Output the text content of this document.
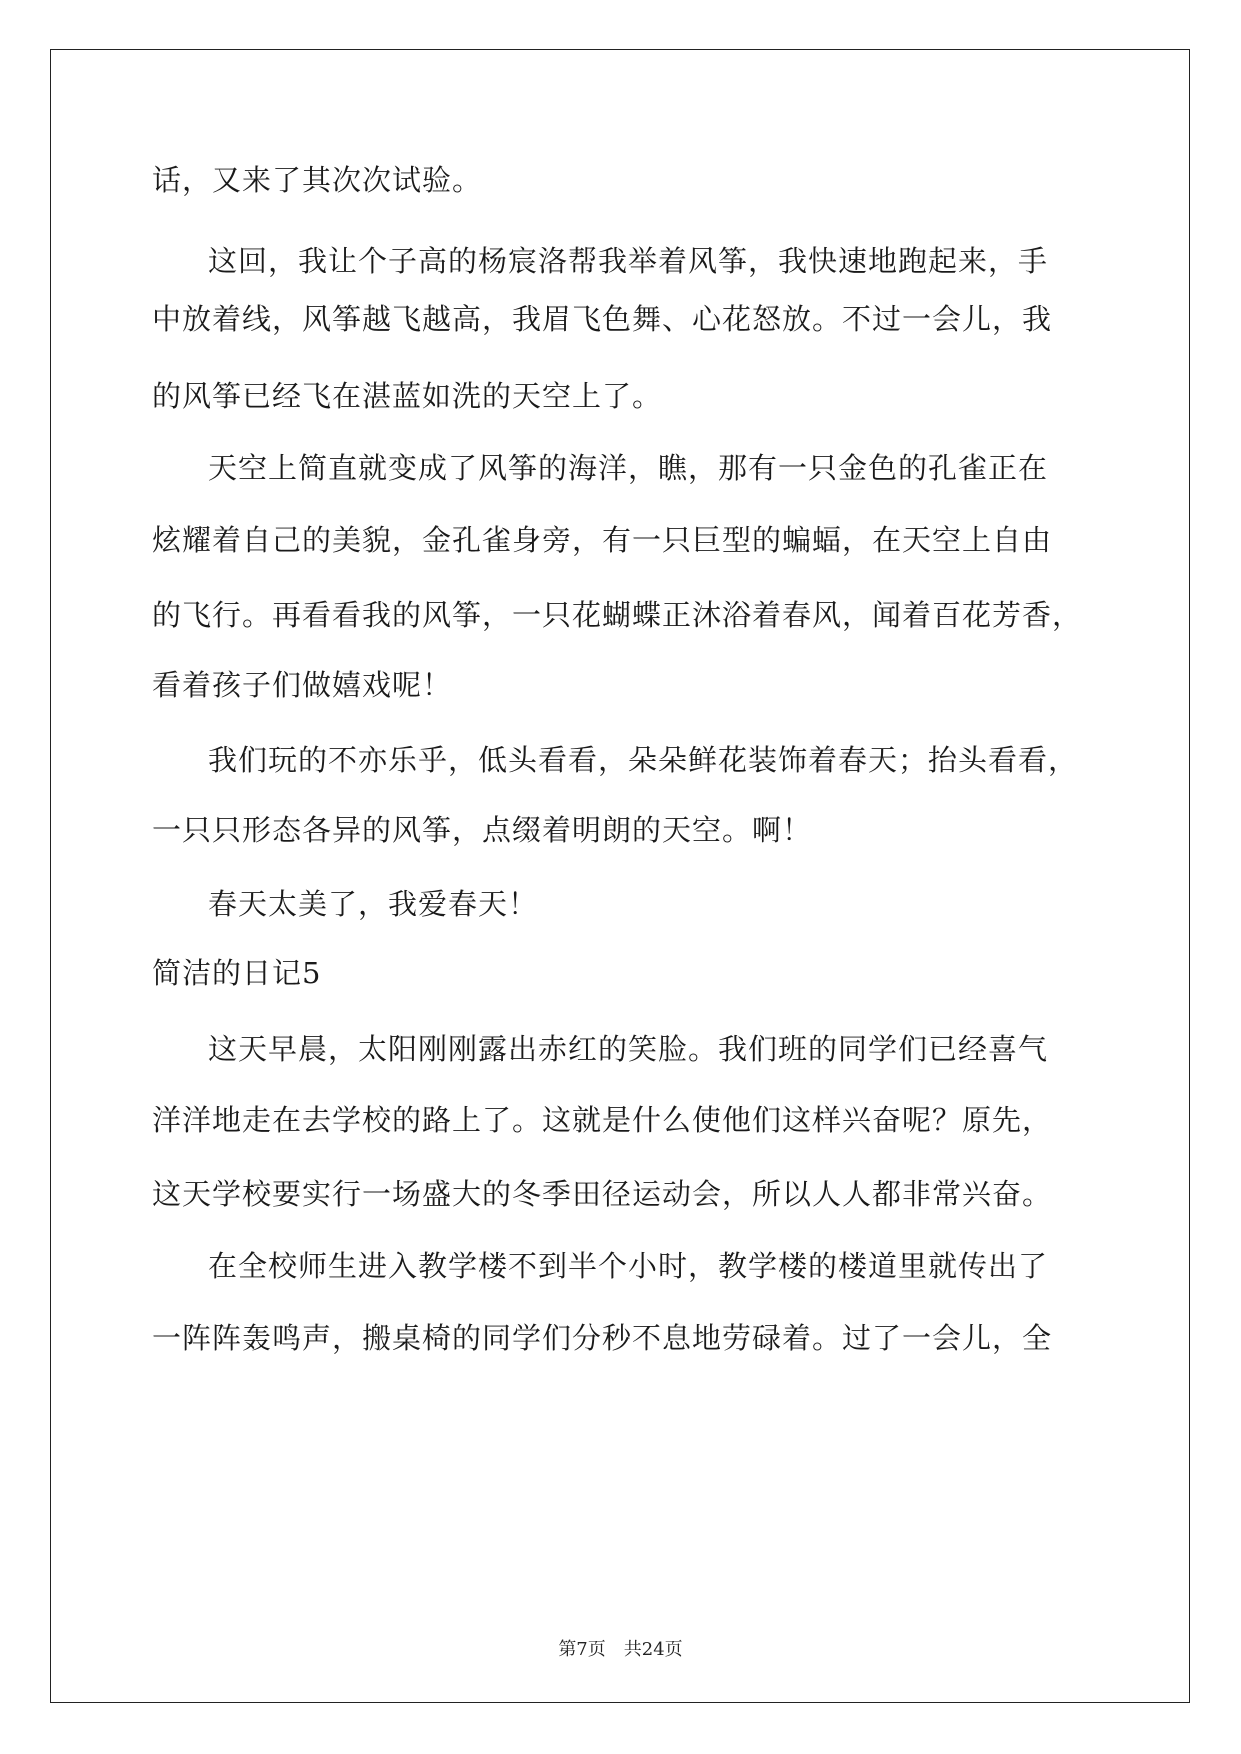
话，又来了其次次试验。
这回，我让个子高的杨宸洛帮我举着风筝，我快速地跑起来，手
中放着线，风筝越飞越高，我眉飞色舞、心花怒放。不过一会儿，我
的风筝已经飞在湛蓝如洗的天空上了。
天空上简直就变成了风筝的海洋，瞧，那有一只金色的孔雀正在
炫耀着自己的美貌，金孔雀身旁，有一只巨型的蝙蝠，在天空上自由
的飞行。再看看我的风筝，一只花蝴蝶正沐浴着春风，闻着百花芳香，
看着孩子们做嬉戏呢！
我们玩的不亦乐乎，低头看看，朵朵鲜花装饰着春天；抬头看看，
一只只形态各异的风筝，点缀着明朗的天空。啊！
春天太美了，我爱春天！
简洁的日记5
这天早晨，太阳刚刚露出赤红的笑脸。我们班的同学们已经喜气
洋洋地走在去学校的路上了。这就是什么使他们这样兴奋呢？原先，
这天学校要实行一场盛大的冬季田径运动会，所以人人都非常兴奋。
在全校师生进入教学楼不到半个小时，教学楼的楼道里就传出了
一阵阵轰鸣声，搬桌椅的同学们分秒不息地劳碌着。过了一会儿，全
第7页　共24页
